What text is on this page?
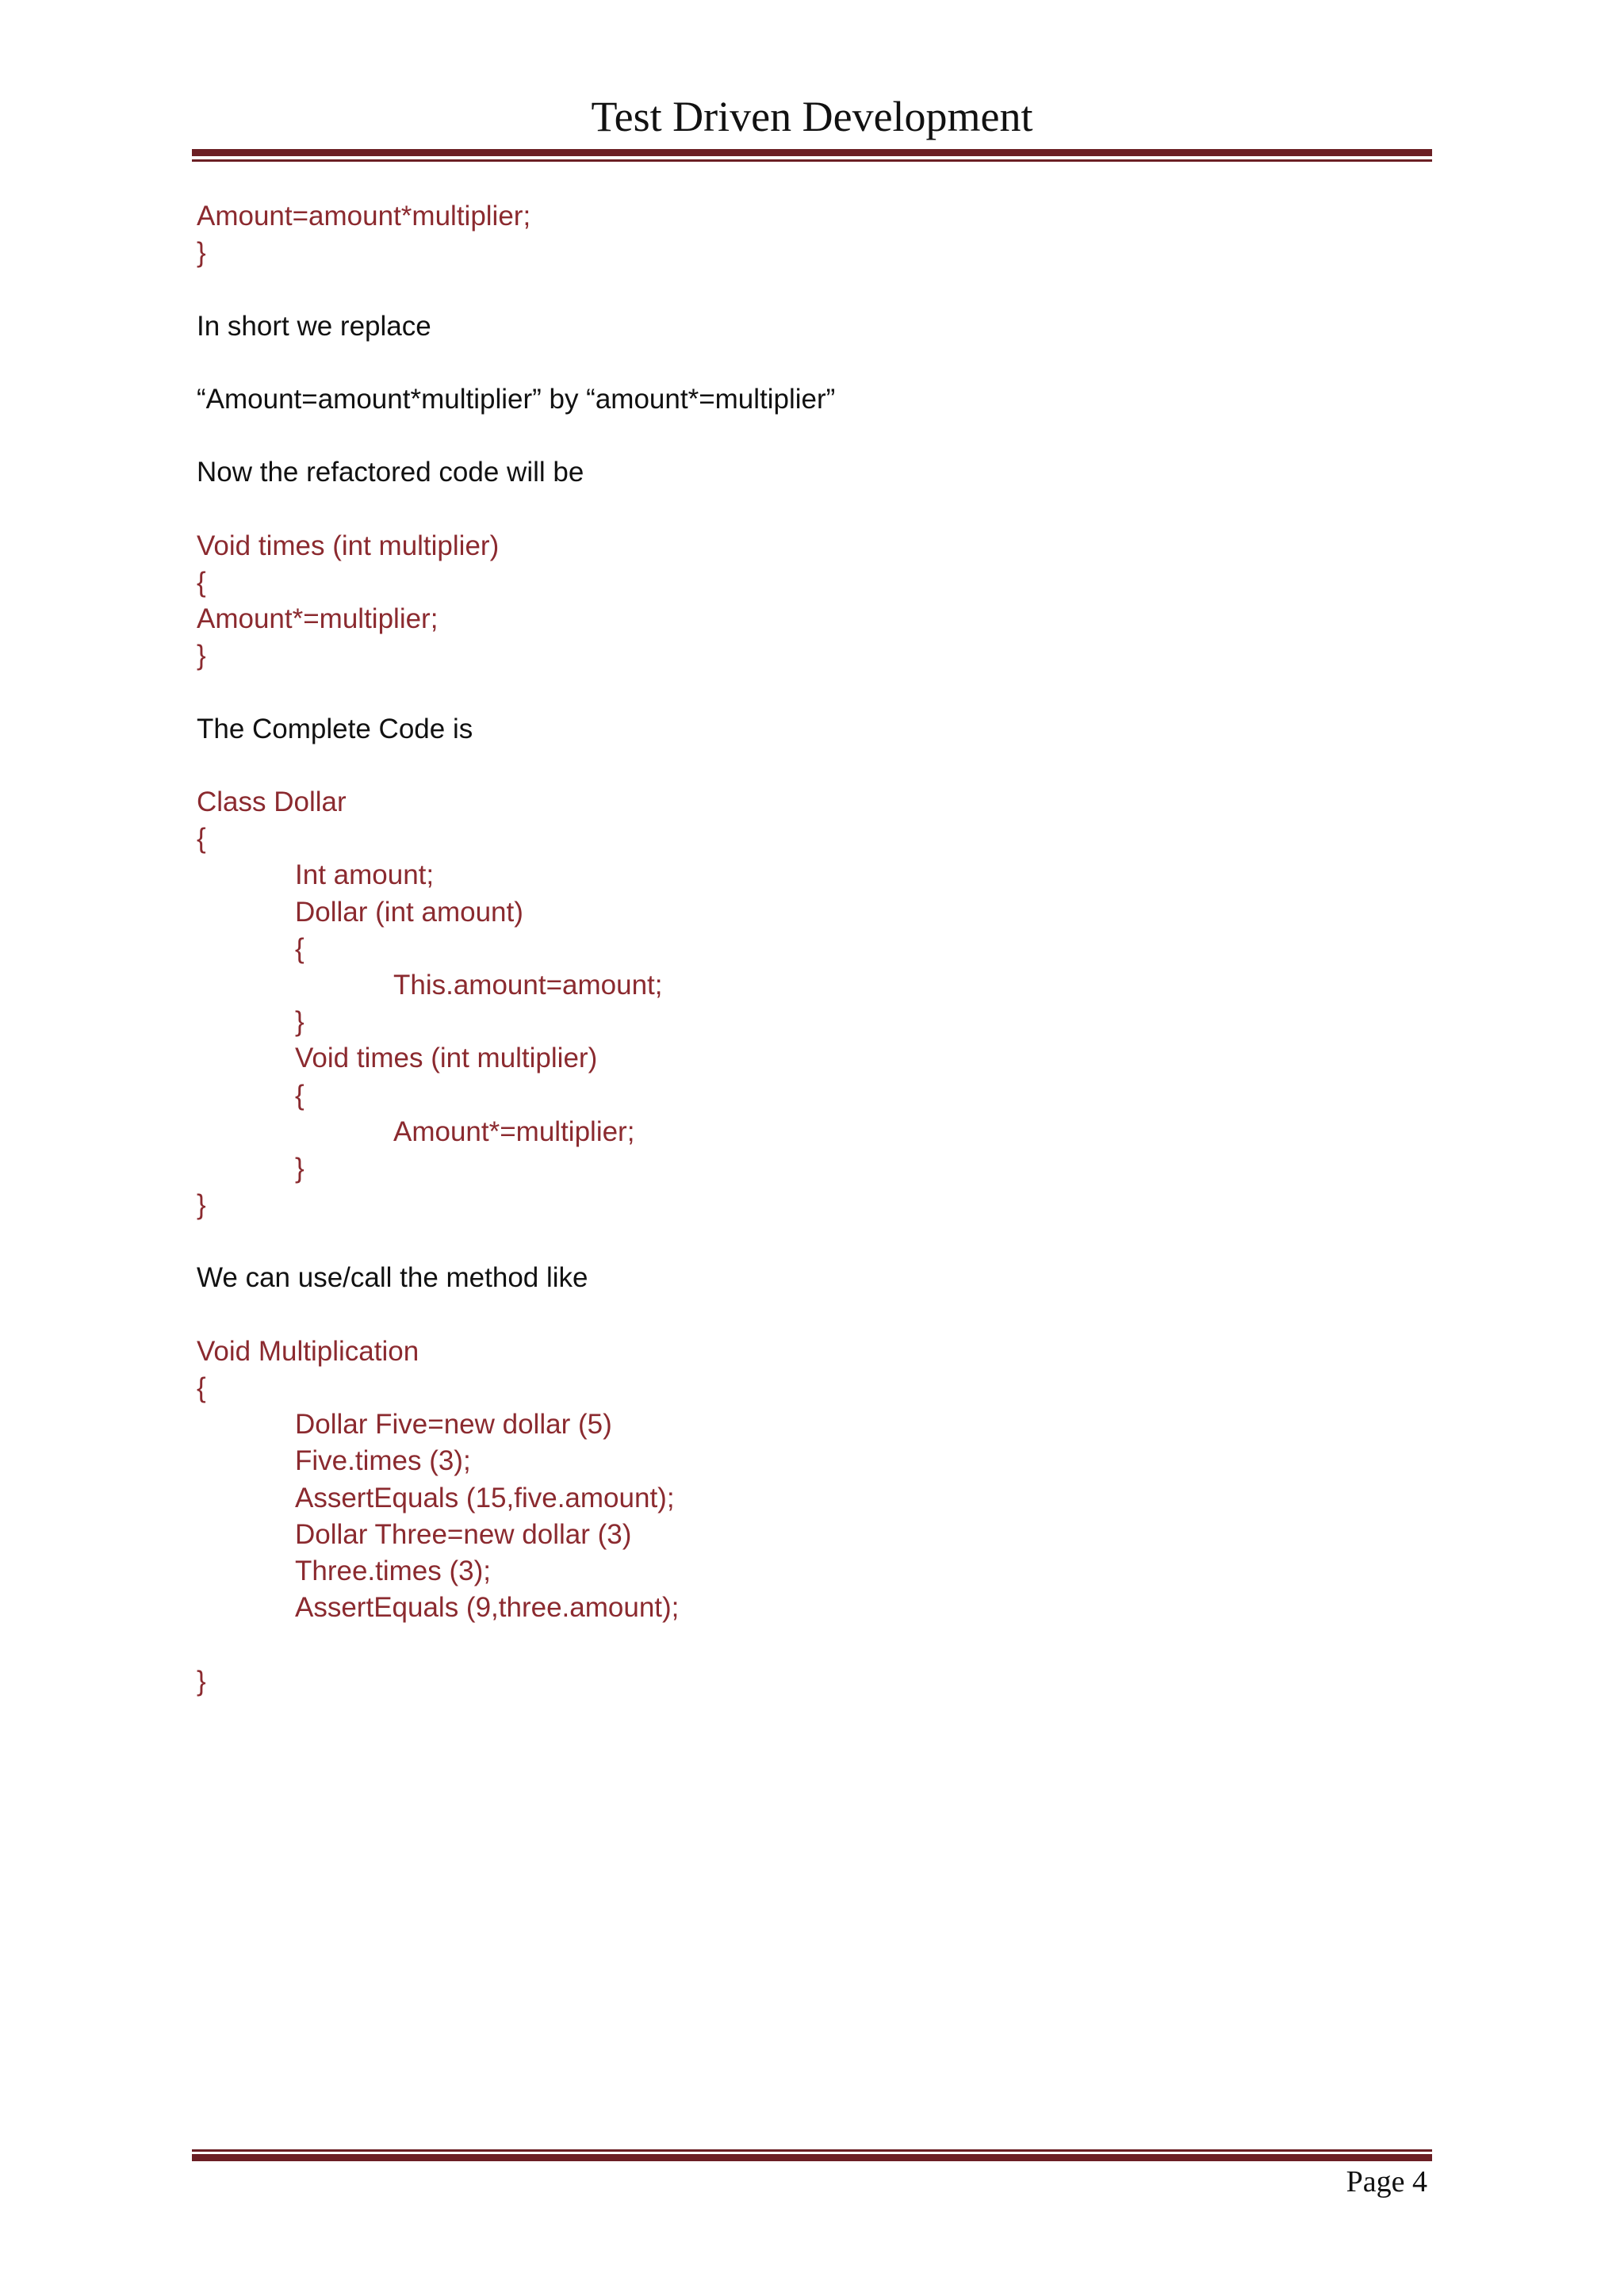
Test Driven Development
Amount=amount*multiplier;
}
In short we replace
“Amount=amount*multiplier” by “amount*=multiplier”
Now the refactored code will be
Void times (int multiplier)
{
Amount*=multiplier;
}
The Complete Code is
Class Dollar
{
Int amount;
Dollar (int amount)
{
This.amount=amount;
}
Void times (int multiplier)
{
Amount*=multiplier;
}
}
We can use/call the method like
Void Multiplication
{
Dollar Five=new dollar (5)
Five.times (3);
AssertEquals (15,five.amount);
Dollar Three=new dollar (3)
Three.times (3);
AssertEquals (9,three.amount);
}
Page 4
